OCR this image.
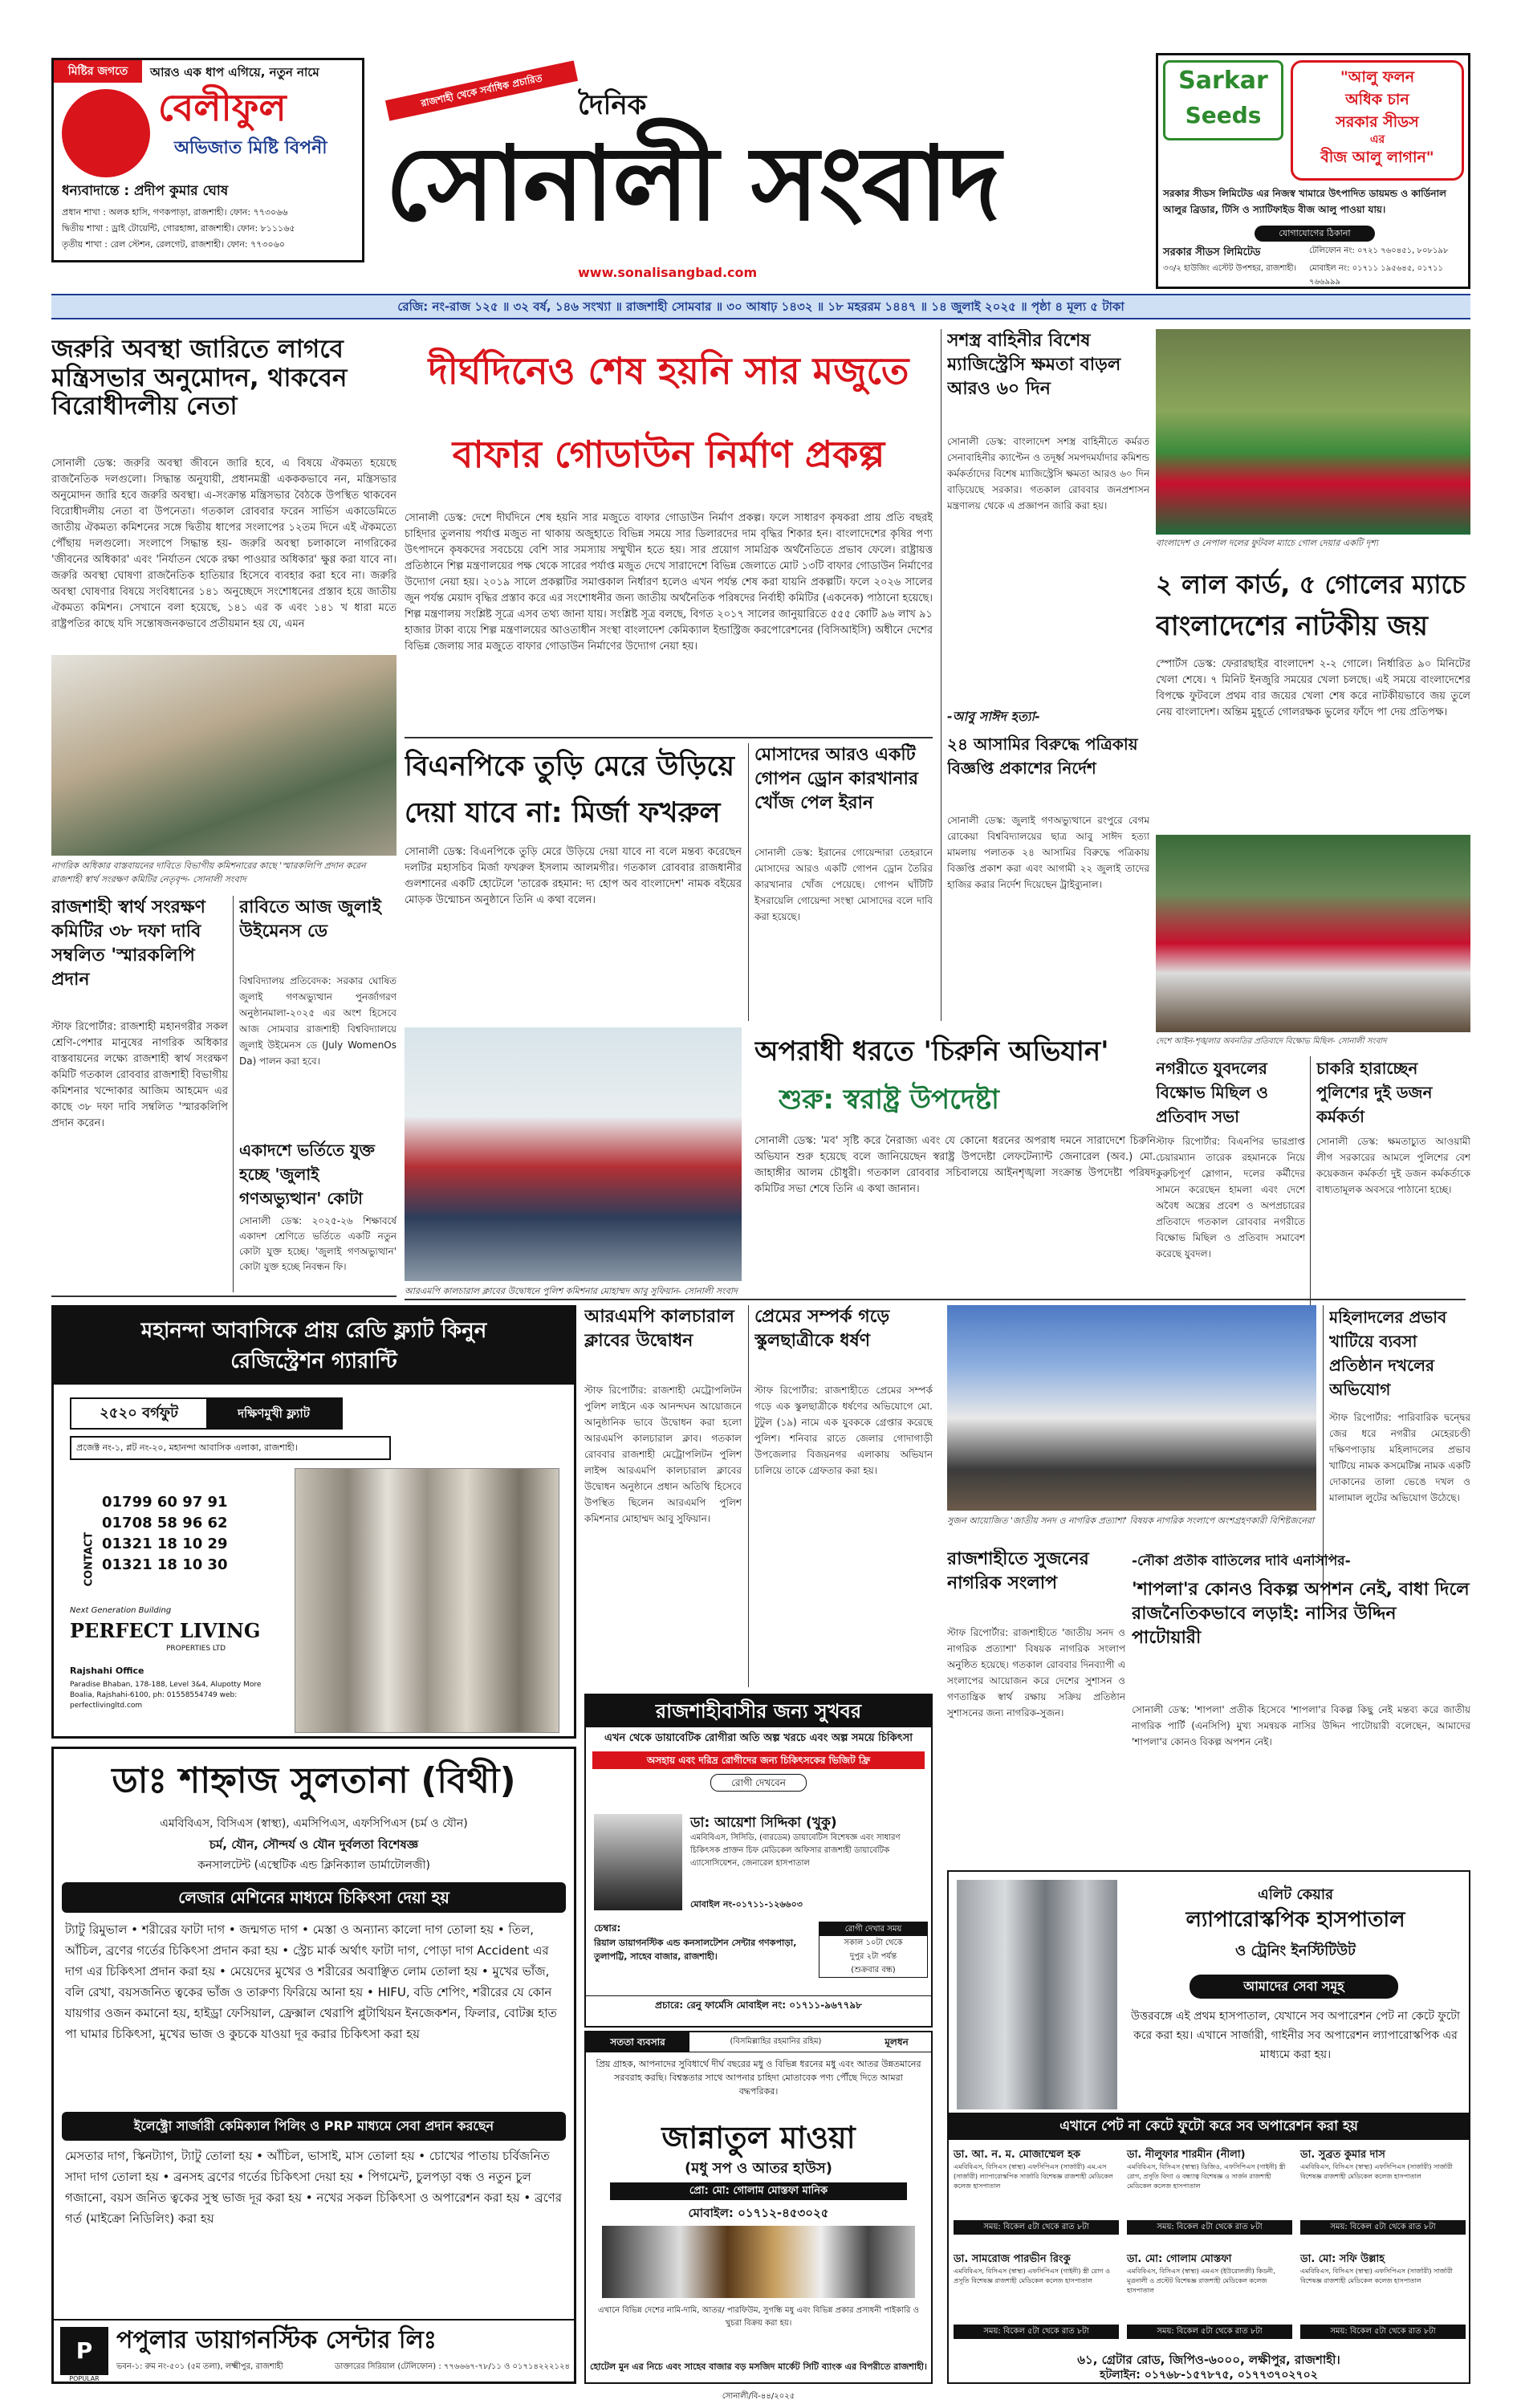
মিষ্টির জগতে	আরও এক ধাপ এগিয়ে, নতুন নামে
বেলীফুল
অভিজাত মিষ্টি বিপনী
ধন্যবাদান্তে : প্রদীপ কুমার ঘোষ
প্রধান শাখা : অলক হাসি, গণকপাড়া, রাজশাহী। ফোন: ৭৭৩০৬৬
দ্বিতীয় শাখা : ড্রাই টোয়েন্টি, গোরহাঙ্গা, রাজশাহী। ফোন: ৮১১১৬৫
তৃতীয় শাখা : রেল স্টেশন, রেলগেট, রাজশাহী। ফোন: ৭৭৩০৬০
রাজশাহী থেকে সর্বাধিক প্রচারিত	দৈনিক
সোনালী সংবাদ
www.sonalisangbad.com
Sarkar
Seeds
"আলু ফলন
অধিক চান
সরকার সীডস
এর
বীজ আলু লাগান"
সরকার সীডস লিমিটেড এর নিজস্ব খামারে উৎপাদিত ডায়মন্ড ও কার্ডিনাল আলুর ব্রিডার, টিসি ও স্যাটিফাইড বীজ আলু পাওয়া যায়।
যোগাযোগের ঠিকানা
সরকার সীডস লিমিটেড
৩৩/২ হাউজিং এস্টেট উপশহর, রাজশাহী।
টেলিফোন নং: ০৭২১ ৭৬০৪৫১, ৮০৮১৯৮
মোবাইল নং: ০১৭১১ ১৯৫৬৪৫, ০১৭১১ ৭৬৬৯৯৯
রেজি: নং-রাজ ১২৫ ॥ ৩২ বর্ষ, ১৪৬ সংখ্যা ॥ রাজশাহী সোমবার ॥ ৩০ আষাঢ় ১৪৩২ ॥ ১৮ মহররম ১৪৪৭ ॥ ১৪ জুলাই ২০২৫ ॥ পৃষ্ঠা ৪ মূল্য ৫ টাকা
জরুরি অবস্থা জারিতে লাগবে মন্ত্রিসভার অনুমোদন, থাকবেন বিরোধীদলীয় নেতা
সোনালী ডেস্ক: জরুরি অবস্থা জীবনে জারি হবে, এ বিষয়ে ঐকমত্য হয়েছে রাজনৈতিক দলগুলো। সিদ্ধান্ত অনুযায়ী, প্রধানমন্ত্রী একককভাবে নন, মন্ত্রিসভার অনুমোদন জারি হবে জরুরি অবস্থা। এ-সংক্রান্ত মন্ত্রিসভার বৈঠকে উপস্থিত থাকবেন বিরোধীদলীয় নেতা বা উপনেতা। গতকাল রোববার ফরেন সার্ভিস একাডেমিতে জাতীয় ঐকমত্য কমিশনের সঙ্গে দ্বিতীয় ধাপের সংলাপের ১২তম দিনে এই ঐকমত্যে পৌঁছায় দলগুলো। সংলাপে সিদ্ধান্ত হয়- জরুরি অবস্থা চলাকালে নাগরিকের 'জীবনের অধিকার' এবং 'নির্যাতন থেকে রক্ষা পাওয়ার অধিকার' ক্ষুণ্ণ করা যাবে না। জরুরি অবস্থা ঘোষণা রাজনৈতিক হাতিয়ার হিসেবে ব্যবহার করা হবে না। জরুরি অবস্থা ঘোষণার বিষয়ে সংবিধানের ১৪১ অনুচ্ছেদে সংশোধনের প্রস্তাব হয়ে জাতীয় ঐকমত্য কমিশন। সেখানে বলা হয়েছে, ১৪১ এর ক এবং ১৪১ খ ধারা মতে রাষ্ট্রপতির কাছে যদি সন্তোষজনকভাবে প্রতীয়মান হয় যে, এমন
নাগরিক অধিকার বাস্তবায়নের দাবিতে বিভাগীয় কমিশনারের কাছে 'স্মারকলিপি প্রদান করেন রাজশাহী স্বার্থ সংরক্ষণ কমিটির নেতৃবৃন্দ- সোনালী সংবাদ
রাজশাহী স্বার্থ সংরক্ষণ কমিটির ৩৮ দফা দাবি সম্বলিত 'স্মারকলিপি প্রদান
স্টাফ রিপোর্টার: রাজশাহী মহানগরীর সকল শ্রেণি-পেশার মানুষের নাগরিক অধিকার বাস্তবায়নের লক্ষ্যে রাজশাহী স্বার্থ সংরক্ষণ কমিটি গতকাল রোববার রাজশাহী বিভাগীয় কমিশনার খন্দোকার আজিম আহমেদ এর কাছে ৩৮ দফা দাবি সম্বলিত 'স্মারকলিপি প্রদান করেন।
রাবিতে আজ জুলাই উইমেনস ডে
বিশ্ববিদ্যালয় প্রতিবেদক: সরকার ঘোষিত জুলাই গণঅভ্যুত্থান পুনর্জাগরণ অনুষ্ঠানমালা-২০২৫ এর অংশ হিসেবে আজ সোমবার রাজশাহী বিশ্ববিদ্যালয়ে জুলাই উইমেনস ডে (July WomenOs Da) পালন করা হবে।
একাদশে ভর্তিতে যুক্ত হচ্ছে 'জুলাই গণঅভ্যুত্থান' কোটা
সোনালী ডেস্ক: ২০২৫-২৬ শিক্ষাবর্ষে একাদশ শ্রেণিতে ভর্তিতে একটি নতুন কোটা যুক্ত হচ্ছে। 'জুলাই গণঅভ্যুত্থান' কোটা যুক্ত হচ্ছে নিবন্ধন ফি।
দীর্ঘদিনেও শেষ হয়নি সার মজুতে
বাফার গোডাউন নির্মাণ প্রকল্প
সোনালী ডেস্ক: দেশে দীর্ঘদিনে শেষ হয়নি সার মজুতে বাফার গোডাউন নির্মাণ প্রকল্প। ফলে সাধারণ কৃষকরা প্রায় প্রতি বছরই চাহিদার তুলনায় পর্যাপ্ত মজুত না থাকায় অজুহাতে বিভিন্ন সময়ে সার ডিলারদের দাম বৃদ্ধির শিকার হন। বাংলাদেশের কৃষির পণ্য উৎপাদনে কৃষকদের সবচেয়ে বেশি সার সমস্যায় সম্মুখীন হতে হয়। সার প্রয়োগ সামগ্রিক অর্থনৈতিতে প্রভাব ফেলে। রাষ্ট্রায়ত্ত প্রতিষ্ঠানে শিল্প মন্ত্রণালয়ের পক্ষ থেকে সারের পর্যাপ্ত মজুত দেখে সারাদেশে বিভিন্ন জেলাতে মোট ১৩টি বাফার গোডাউন নির্মাণের উদ্যোগ নেয়া হয়। ২০১৯ সালে প্রকল্পটির সমাপ্তকাল নির্ধারণ হলেও এখন পর্যন্ত শেষ করা যায়নি প্রকল্পটি। ফলে ২০২৬ সালের জুন পর্যন্ত মেয়াদ বৃদ্ধির প্রস্তাব করে এর সংশোধনীর জন্য জাতীয় অর্থনৈতিক পরিষদের নির্বাহী কমিটির (একনেক) পাঠানো হয়েছে। শিল্প মন্ত্রণালয় সংশ্লিষ্ট সূত্রে এসব তথ্য জানা যায়। সংশ্লিষ্ট সূত্র বলছে, বিগত ২০১৭ সালের জানুয়ারিতে ৫৫৫ কোটি ৯৬ লাখ ৯১ হাজার টাকা ব্যয়ে শিল্প মন্ত্রণালয়ের আওতাধীন সংস্থা বাংলাদেশ কেমিক্যাল ইন্ডাস্ট্রিজ করপোরেশনের (বিসিআইসি) অধীনে দেশের বিভিন্ন জেলায় সার মজুতে বাফার গোডাউন নির্মাণের উদ্যোগ নেয়া হয়।
বিএনপিকে তুড়ি মেরে উড়িয়ে দেয়া যাবে না: মির্জা ফখরুল
সোনালী ডেস্ক: বিএনপিকে তুড়ি মেরে উড়িয়ে দেয়া যাবে না বলে মন্তব্য করেছেন দলটির মহাসচিব মির্জা ফখরুল ইসলাম আলমগীর। গতকাল রোববার রাজধানীর গুলশানের একটি হোটেলে 'তারেক রহমান: দ্য হোপ অব বাংলাদেশ' নামক বইয়ের মোড়ক উন্মোচন অনুষ্ঠানে তিনি এ কথা বলেন।
মোসাদের আরও একটি গোপন ড্রোন কারখানার খোঁজ পেল ইরান
সোনালী ডেস্ক: ইরানের গোয়েন্দারা তেহরানে মোসাদের আরও একটি গোপন ড্রোন তৈরির কারখানার খোঁজ পেয়েছে। গোপন ঘাঁটিটি ইসরায়েলি গোয়েন্দা সংস্থা মোসাদের বলে দাবি করা হয়েছে।
আরএমপি কালচারাল ক্লাবের উদ্বোধনে পুলিশ কমিশনার মোহাম্মদ আবু সুফিয়ান- সোনালী সংবাদ
অপরাধী ধরতে 'চিরুনি অভিযান'
শুরু: স্বরাষ্ট্র উপদেষ্টা
সোনালী ডেস্ক: 'মব' সৃষ্টি করে নৈরাজ্য এবং যে কোনো ধরনের অপরাধ দমনে সারাদেশে চিরুনি অভিযান শুরু হয়েছে বলে জানিয়েছেন স্বরাষ্ট্র উপদেষ্টা লেফটেন্যান্ট জেনারেল (অব.) মো. জাহাঙ্গীর আলম চৌধুরী। গতকাল রোববার সচিবালয়ে আইনশৃঙ্খলা সংক্রান্ত উপদেষ্টা পরিষদ কমিটির সভা শেষে তিনি এ কথা জানান।
সশস্ত্র বাহিনীর বিশেষ ম্যাজিস্ট্রেসি ক্ষমতা বাড়ল আরও ৬০ দিন
সোনালী ডেস্ক: বাংলাদেশ সশস্ত্র বাহিনীতে কর্মরত সেনাবাহিনীর ক্যাপ্টেন ও তদূর্ধ্ব সমপদমর্যাদার কমিশন্ড কর্মকর্তাদের বিশেষ ম্যাজিস্ট্রেসি ক্ষমতা আরও ৬০ দিন বাড়িয়েছে সরকার। গতকাল রোববার জনপ্রশাসন মন্ত্রণালয় থেকে এ প্রজ্ঞাপন জারি করা হয়।
-আবু সাঈদ হত্যা-
২৪ আসামির বিরুদ্ধে পত্রিকায় বিজ্ঞপ্তি প্রকাশের নির্দেশ
সোনালী ডেস্ক: জুলাই গণঅভ্যুত্থানে রংপুরে বেগম রোকেয়া বিশ্ববিদ্যালয়ের ছাত্র আবু সাঈদ হত্যা মামলায় পলাতক ২৪ আসামির বিরুদ্ধে পত্রিকায় বিজ্ঞপ্তি প্রকাশ করা এবং আগামী ২২ জুলাই তাদের হাজির করার নির্দেশ দিয়েছেন ট্রাইব্যুনাল।
বাংলাদেশ ও নেপাল দলের ফুটবল ম্যাচে গোল দেয়ার একটি দৃশ্য
২ লাল কার্ড, ৫ গোলের ম্যাচে
বাংলাদেশের নাটকীয় জয়
স্পোর্টস ডেস্ক: ফেরারছাইর বাংলাদেশ ২-২ গোলে। নির্ধারিত ৯০ মিনিটের খেলা শেষে। ৭ মিনিট ইনজুরি সময়ের খেলা চলছে। এই সময়ে বাংলাদেশের বিপক্ষে ফুটবলে প্রথম বার জয়ের খেলা শেষ করে নাটকীয়ভাবে জয় তুলে নেয় বাংলাদেশ। অন্তিম মুহূর্তে গোলরক্ষক ভুলের ফাঁদে পা দেয় প্রতিপক্ষ।
দেশে আইন-শৃঙ্খলার অবনতির প্রতিবাদে বিক্ষোভ মিছিল- সোনালী সংবাদ
নগরীতে যুবদলের বিক্ষোভ মিছিল ও প্রতিবাদ সভা
স্টাফ রিপোর্টার: বিএনপির ভারপ্রাপ্ত চেয়ারম্যান তারেক রহমানকে নিয়ে কুরুচিপূর্ণ স্লোগান, দলের কর্মীদের সামনে করেছেন হামলা এবং দেশে অবৈধ অস্ত্রের প্রবেশ ও অপপ্রচারের প্রতিবাদে গতকাল রোববার নগরীতে বিক্ষোভ মিছিল ও প্রতিবাদ সমাবেশ করেছে যুবদল।
চাকরি হারাচ্ছেন পুলিশের দুই ডজন কর্মকর্তা
সোনালী ডেস্ক: ক্ষমতাচ্যুত আওয়ামী লীগ সরকারের আমলে পুলিশের বেশ কয়েকজন কর্মকর্তা দুই ডজন কর্মকর্তাকে বাধ্যতামূলক অবসরে পাঠানো হচ্ছে।
আরএমপি কালচারাল ক্লাবের উদ্বোধন
স্টাফ রিপোর্টার: রাজশাহী মেট্রোপলিটন পুলিশ লাইনে এক আনন্দঘন আয়োজনে আনুষ্ঠানিক ভাবে উদ্বোধন করা হলো আরএমপি কালচারাল ক্লাব। গতকাল রোববার রাজশাহী মেট্রোপলিটন পুলিশ লাইন্স আরএমপি কালচারাল ক্লাবের উদ্বোধন অনুষ্ঠানে প্রধান অতিথি হিসেবে উপস্থিত ছিলেন আরএমপি পুলিশ কমিশনার মোহাম্মদ আবু সুফিয়ান।
প্রেমের সম্পর্ক গড়ে স্কুলছাত্রীকে ধর্ষণ
স্টাফ রিপোর্টার: রাজশাহীতে প্রেমের সম্পর্ক গড়ে এক স্কুলছাত্রীকে ধর্ষণের অভিযোগে মো. টুটুল (১৯) নামে এক যুবককে গ্রেপ্তার করেছে পুলিশ। শনিবার রাতে জেলার গোদাগাড়ী উপজেলার বিজয়নগর এলাকায় অভিযান চালিয়ে তাকে গ্রেফতার করা হয়।
সুজন আয়োজিত 'জাতীয় সনদ ও নাগরিক প্রত্যাশা' বিষয়ক নাগরিক সংলাপে অংশগ্রহণকারী বিশিষ্টজনেরা
রাজশাহীতে সুজনের নাগরিক সংলাপ
স্টাফ রিপোর্টার: রাজশাহীতে 'জাতীয় সনদ ও নাগরিক প্রত্যাশা' বিষয়ক নাগরিক সংলাপ অনুষ্ঠিত হয়েছে। গতকাল রোববার দিনব্যাপী এ সংলাপের আয়োজন করে দেশের সুশাসন ও গণতান্ত্রিক স্বার্থ রক্ষায় সক্রিয় প্রতিষ্ঠান সুশাসনের জন্য নাগরিক-সুজন।
মহিলাদলের প্রভাব খাটিয়ে ব্যবসা প্রতিষ্ঠান দখলের অভিযোগ
স্টাফ রিপোর্টার: পারিবারিক দ্বন্দ্বের জের ধরে নগরীর মেহেরচণ্ডী দক্ষিণপাড়ায় মহিলাদলের প্রভাব খাটিয়ে নামক কসমেটিক্স নামক একটি দোকানের তালা ভেঙে দখল ও মালামাল লুটের অভিযোগ উঠেছে।
-নৌকা প্রতীক বাতিলের দাবি এনসিপির-
'শাপলা'র কোনও বিকল্প অপশন নেই, বাধা দিলে রাজনৈতিকভাবে লড়াই: নাসির উদ্দিন পাটোয়ারী
সোনালী ডেস্ক: 'শাপলা' প্রতীক হিসেবে 'শাপলা'র বিকল্প কিছু নেই মন্তব্য করে জাতীয় নাগরিক পার্টি (এনসিপি) মুখ্য সমন্বয়ক নাসির উদ্দিন পাটোয়ারী বলেছেন, আমাদের 'শাপলা'র কোনও বিকল্প অপশন নেই।
মহানন্দা আবাসিকে প্রায় রেডি ফ্ল্যাট কিনুন
রেজিস্ট্রেশন গ্যারান্টি
২৫২০ বর্গফুট	দক্ষিণমুখী ফ্ল্যাট
প্রজেক্ট নং-১, প্লট নং-২০, মহানন্দা আবাসিক এলাকা, রাজশাহী।
CONTACT
01799 60 97 91
01708 58 96 62
01321 18 10 29
01321 18 10 30
Next Generation Building
PERFECT LIVING
PROPERTIES LTD
Rajshahi Office
Paradise Bhaban, 178-188, Level 3&4, Alupotty More Boalia, Rajshahi-6100, ph: 01558554749 web: perfectlivingltd.com	রাজশাহীবাসীর জন্য সুখবর
এখন থেকে ডায়াবেটিক রোগীরা অতি অল্প খরচে এবং অল্প সময়ে চিকিৎসা
অসহায় এবং দরিদ্র রোগীদের জন্য চিকিৎসকের ভিজিট ফ্রি
রোগী দেখবেন
ডা: আয়েশা সিদ্দিকা (খুকু)
এমবিবিএস, সিসিডি, (বারডেম) ডায়াবেটিস বিশেষজ্ঞ এবং সাধারণ চিকিৎসক প্রাক্তন চিফ মেডিকেল অফিসার রাজশাহী ডায়াবেটিক এ্যাসোসিয়েশন, জেনারেল হাসপাতাল
মোবাইল নং-০১৭১১-১২৬৬০৩
চেম্বার:
রিয়াল ডায়াগনস্টিক এন্ড কনসালটেশন সেন্টার গণকপাড়া, তুলাপট্টি, সাহেব বাজার, রাজশাহী।
রোগী দেখার সময়
সকাল ১০টা থেকে
দুপুর ২টা পর্যন্ত
(শুক্রবার বন্ধ)
প্রচারে: রেনু ফার্মেসি মোবাইল নং: ০১৭১১-৯৬৭৭৯৮
সততা ব্যবসার	(বিসমিল্লাহির রহমানির রহিম)	মূলধন
প্রিয় গ্রাহক, আপনাদের সুবিধার্থে দীর্ঘ বছরের মধু ও বিভিন্ন ধরনের মধু এবং আতর উন্নতমানের সরবরাহ করছি। বিশ্বস্ততার সাথে আপনার চাহিদা মোতাবেক পণ্য পৌঁছে দিতে আমরা বদ্ধপরিকর।
জান্নাতুল মাওয়া
(মধু সপ ও আতর হাউস)
প্রো: মো: গোলাম মোস্তফা মানিক
মোবাইল: ০১৭১২-৪৫৩০২৫
এখানে বিভিন্ন দেশের নামি-দামি, আতর/ পারফিউম, সুগন্ধি মধু এবং বিভিন্ন প্রকার প্রসাধনী পাইকারি ও খুচরা বিক্রয় করা হয়।
হোটেল মুন এর নিচে এবং সাহেব বাজার বড় মসজিদ মার্কেট সিটি ব্যাংক এর বিপরীতে রাজশাহী।
সোনালী/বি-৪৪/২০২৫
ডাঃ শাহ্নাজ সুলতানা (বিথী)
এমবিবিএস, বিসিএস (স্বাস্থ্য), এমসিপিএস, এফসিপিএস (চর্ম ও যৌন)
চর্ম, যৌন, সৌন্দর্য ও যৌন দুর্বলতা বিশেষজ্ঞ
কনসালটেন্ট (এস্থেটিক এন্ড ক্লিনিক্যাল ডার্মাটোলজী)
লেজার মেশিনের মাধ্যমে চিকিৎসা দেয়া হয়
ট্যাটু রিমুভাল • শরীরের ফাটা দাগ • জন্মগত দাগ • মেস্তা ও অন্যান্য কালো দাগ তোলা হয় • তিল, আঁচিল, ব্রণের গর্তের চিকিৎসা প্রদান করা হয় • স্ট্রেচ মার্ক অর্থাৎ ফাটা দাগ, পোড়া দাগ Accident এর দাগ এর চিকিৎসা প্রদান করা হয় • মেয়েদের মুখের ও শরীরের অবাঞ্ছিত লোম তোলা হয় • মুখের ভাঁজ, বলি রেখা, বয়সজনিত ত্বকের ভাঁজ ও তারুণ্য ফিরিয়ে আনা হয় • HIFU, বডি শেপিং, শরীরের যে কোন যায়গার ওজন কমানো হয়, হাইড্রা ফেসিয়াল, ফ্রেক্সাল থেরাপি প্লুটাথিয়ন ইনজেকশন, ফিলার, বোটক্স হাত পা ঘামার চিকিৎসা, মুখের ভাজ ও কুচকে যাওয়া দূর করার চিকিৎসা করা হয়
ইলেক্ট্রো সার্জারী কেমিক্যাল পিলিং ও PRP মাধ্যমে সেবা প্রদান করছেন
মেসতার দাগ, স্কিনট্যাগ, ট্যাটু তোলা হয় • আঁচিল, ভাসাই, মাস তোলা হয় • চোখের পাতায় চর্বিজনিত সাদা দাগ তোলা হয় • ব্রনসহ ব্রণের গর্তের চিকিৎসা দেয়া হয় • পিগমেন্ট, চুলপড়া বন্ধ ও নতুন চুল গজানো, বয়স জনিত ত্বকের সুস্থ ভাজ দূর করা হয় • নখের সকল চিকিৎসা ও অপারেশন করা হয় • ব্রণের গর্ত (মাইক্রো নিডিলিং) করা হয়
P
POPULAR
পপুলার ডায়াগনস্টিক সেন্টার লিঃ
ভবন-১: রুম নং-৫০১ (৫ম তলা), লক্ষ্মীপুর, রাজশাহী	ডাক্তারের সিরিয়াল (টেলিফোন) : ৭৭৬৬৬৭-৭৮/১১ ও ০১৭১৪২২২১২৪
এলিট কেয়ার
ল্যাপারোস্কপিক হাসপাতাল
ও ট্রেনিং ইনস্টিটিউট
আমাদের সেবা সমূহ
উত্তরবঙ্গে এই প্রথম হাসপাতাল, যেখানে সব অপারেশন পেট না কেটে ফুটো করে করা হয়। এখানে সার্জারী, গাইনীর সব অপারেশন ল্যাপারোস্কপিক এর মাধ্যমে করা হয়।
এখানে পেট না কেটে ফুটো করে সব অপারেশন করা হয়
ডা. আ. ন. ম. মোজাম্মেল হক
এমবিবিএস, বিসিএস (স্বাস্থ্য) এফসিপিএস (সার্জারী) এম.এস (সার্জারী) ল্যাপারোস্কপিক সার্জারি বিশেষজ্ঞ রাজশাহী মেডিকেল কলেজ হাসপাতাল
সময়: বিকেল ৫টা থেকে রাত ৮টা
ডা. নীলুফার শারমীন (নীলা)
এমবিবিএস, বিসিএস (স্বাস্থ্য) ডিজিও, এফসিপিএস (গাইনী) স্ত্রী রোগ, প্রসূতি বিদ্যা ও বন্ধ্যাত্ব বিশেষজ্ঞ ও সার্জন রাজশাহী মেডিকেল কলেজ হাসপাতাল
সময়: বিকেল ৫টা থেকে রাত ৮টা
ডা. সুব্রত কুমার দাস
এমবিবিএস, বিসিএস (স্বাস্থ্য) এফসিপিএস (সার্জারী) সার্জারী বিশেষজ্ঞ রাজশাহী মেডিকেল কলেজ হাসপাতাল
সময়: বিকেল ৫টা থেকে রাত ৮টা
ডা. সামরোজ পারভীন রিংকু
এমবিবিএস, বিসিএস (স্বাস্থ্য) এফসিপিএস (গাইনী) স্ত্রী রোগ ও প্রসূতি বিশেষজ্ঞ রাজশাহী মেডিকেল কলেজ হাসপাতাল
সময়: বিকেল ৫টা থেকে রাত ৮টা
ডা. মো: গোলাম মোস্তফা
এমবিবিএস, বিসিএস (স্বাস্থ্য) এমএস (ইউরোলজী) কিডনী, মূত্রনালী ও প্রস্টেট বিশেষজ্ঞ রাজশাহী মেডিকেল কলেজ হাসপাতাল
সময়: বিকেল ৫টা থেকে রাত ৮টা
ডা. মো: সফি উল্লাহ
এমবিবিএস, বিসিএস (স্বাস্থ্য) এফসিপিএস (সার্জারী) সার্জারী বিশেষজ্ঞ রাজশাহী মেডিকেল কলেজ হাসপাতাল
সময়: বিকেল ৫টা থেকে রাত ৮টা
৬১, গ্রেটার রোড, জিপিও-৬০০০, লক্ষীপুর, রাজশাহী।
হটলাইন: ০১৭৬৮-১৫৭৮৭৫, ০১৭৭৩৭০২৭০২
